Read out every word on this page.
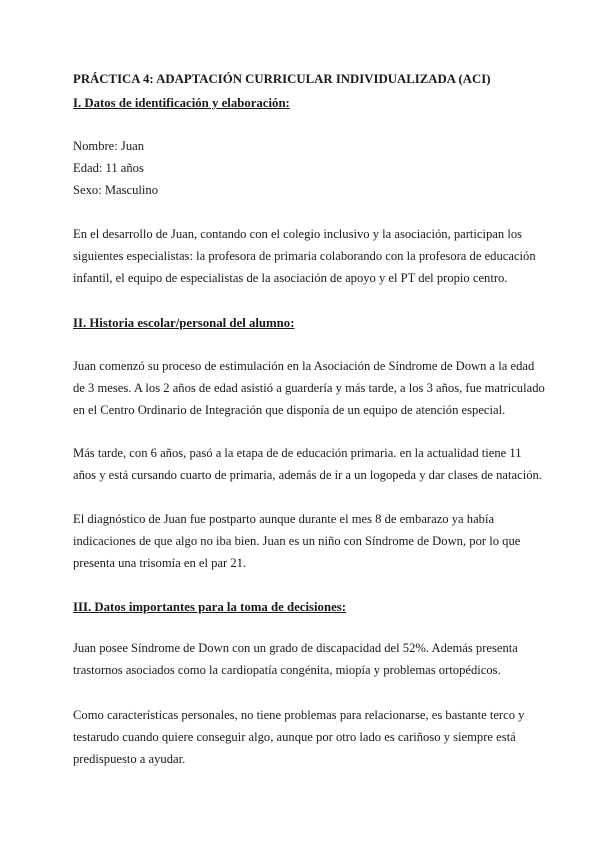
PRÁCTICA 4: ADAPTACIÓN CURRICULAR INDIVIDUALIZADA (ACI)
I. Datos de identificación y elaboración:
Nombre: Juan
Edad: 11 años
Sexo: Masculino
En el desarrollo de Juan, contando con el colegio inclusivo y la asociación, participan los
siguientes especialistas: la profesora de primaria colaborando con la profesora de educación
infantil, el equipo de especialistas de la asociación de apoyo y el PT del propio centro.
II. Historia escolar/personal del alumno:
Juan comenzó su proceso de estimulación en la Asociación de Síndrome de Down a la edad
de 3 meses. A los 2 años de edad asistió a guardería y más tarde, a los 3 años, fue matriculado
en el Centro Ordinario de Integración que disponía de un equipo de atención especial.
Más tarde, con 6 años, pasó a la etapa de de educación primaria. en la actualidad tiene 11
años y está cursando cuarto de primaria, además de ir a un logopeda y dar clases de natación.
El diagnóstico de Juan fue postparto aunque durante el mes 8 de embarazo ya había
indicaciones de que algo no iba bien. Juan es un niño con Síndrome de Down, por lo que
presenta una trisomía en el par 21.
III. Datos importantes para la toma de decisiones:
Juan posee Síndrome de Down con un grado de discapacidad del 52%. Además presenta
trastornos asociados como la cardiopatía congénita, miopía y problemas ortopédicos.
Como características personales, no tiene problemas para relacionarse, es bastante terco y
testarudo cuando quiere conseguir algo, aunque por otro lado es cariñoso y siempre está
predispuesto a ayudar.
